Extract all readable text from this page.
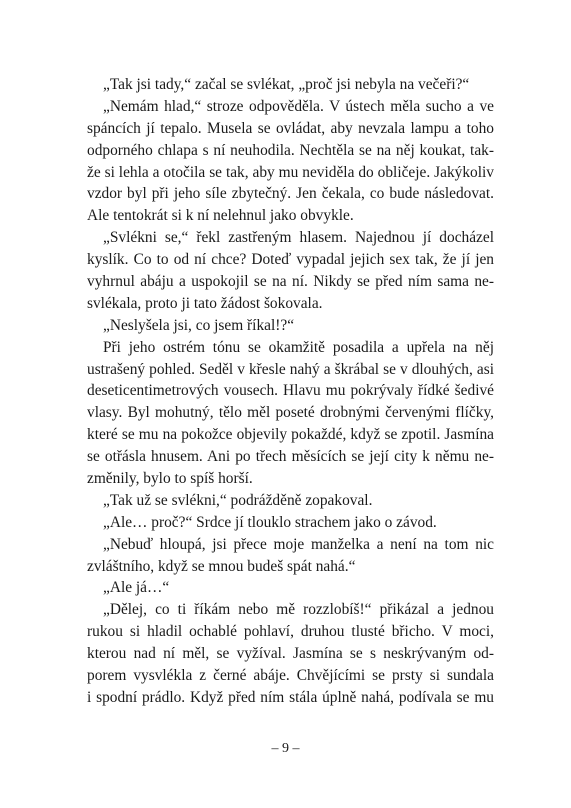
„Tak jsi tady,“ začal se svlékat, „proč jsi nebyla na večeři?“
„Nemám hlad,“ stroze odpověděla. V ústech měla sucho a ve
spáncích jí tepalo. Musela se ovládat, aby nevzala lampu a toho
odporného chlapa s ní neuhodila. Nechtěla se na něj koukat, tak-
že si lehla a otočila se tak, aby mu neviděla do obličeje. Jakýkoliv
vzdor byl při jeho síle zbytečný. Jen čekala, co bude následovat.
Ale tentokrát si k ní nelehnul jako obvykle.
„Svlékni se,“ řekl zastřeným hlasem. Najednou jí docházel
kyslík. Co to od ní chce? Doteď vypadal jejich sex tak, že jí jen
vyhrnul abáju a uspokojil se na ní. Nikdy se před ním sama ne-
svlékala, proto ji tato žádost šokovala.
„Neslyšela jsi, co jsem říkal!?“
Při jeho ostrém tónu se okamžitě posadila a upřela na něj
ustrašený pohled. Seděl v křesle nahý a škrábal se v dlouhých, asi
deseticentimetrových vousech. Hlavu mu pokrývaly řídké šedivé
vlasy. Byl mohutný, tělo měl poseté drobnými červenými flíčky,
které se mu na pokožce objevily pokaždé, když se zpotil. Jasmína
se otřásla hnusem. Ani po třech měsících se její city k němu ne-
změnily, bylo to spíš horší.
„Tak už se svlékni,“ podrážděně zopakoval.
„Ale… proč?“ Srdce jí tlouklo strachem jako o závod.
„Nebuď hloupá, jsi přece moje manželka a není na tom nic
zvláštního, když se mnou budeš spát nahá.“
„Ale já…“
„Dělej, co ti říkám nebo mě rozzlobíš!“ přikázal a jednou
rukou si hladil ochablé pohlaví, druhou tlusté břicho. V moci,
kterou nad ní měl, se vyžíval. Jasmína se s neskrývaným od-
porem vysvlékla z černé abáje. Chvějícími se prsty si sundala
i spodní prádlo. Když před ním stála úplně nahá, podívala se mu
– 9 –
